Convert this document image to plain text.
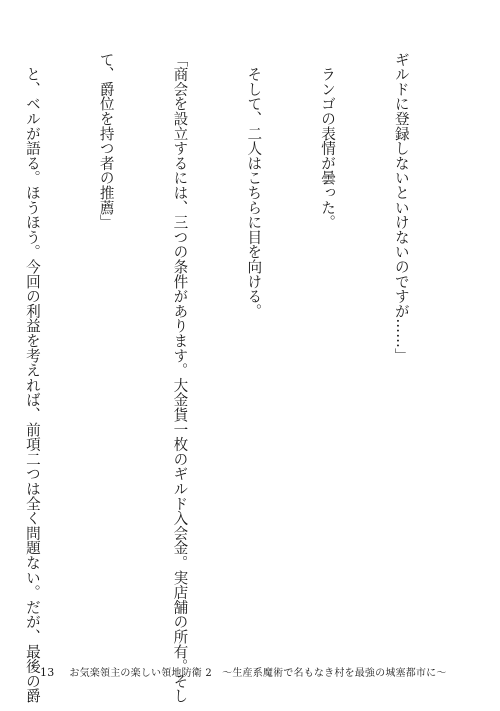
ギルドに登録しないといけないのですが……」

　ランゴの表情が曇った。

　そして、二人はこちらに目を向ける。

「商会を設立するには、三つの条件があります。大金貨一枚のギルド入会金。実店舗の所有。そし

て、爵位を持つ者の推薦」

　と、ベルが語る。ほうほう。今回の利益を考えれば、前項二つは全く問題ない。だが、最後の爵

13 お気楽領主の楽しい領地防衛 2　〜生産系魔術で名もなき村を最強の城塞都市に〜
